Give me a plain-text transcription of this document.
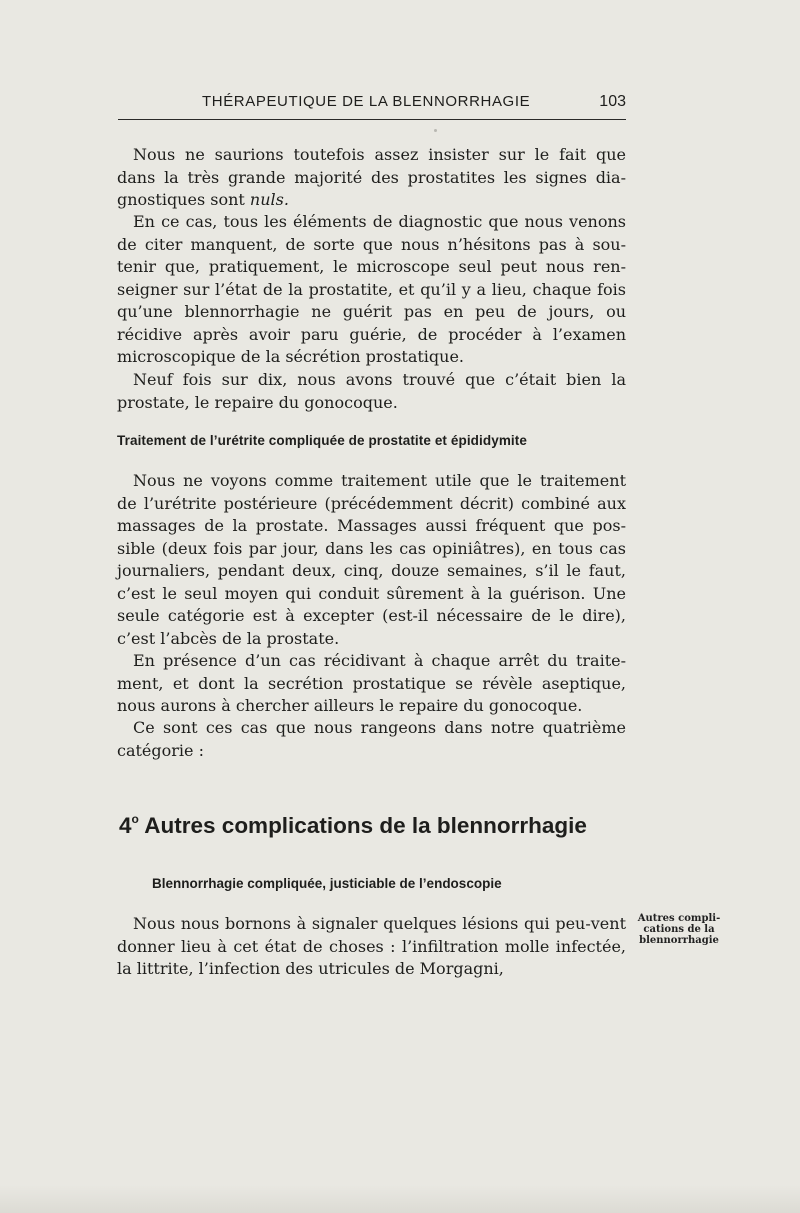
THÉRAPEUTIQUE DE LA BLENNORRHAGIE	103

Nous ne saurions toutefois assez insister sur le fait que dans la très grande majorité des prostatites les signes dia-gnostiques sont nuls.

En ce cas, tous les éléments de diagnostic que nous venons de citer manquent, de sorte que nous n’hésitons pas à sou-tenir que, pratiquement, le microscope seul peut nous ren-seigner sur l’état de la prostatite, et qu’il y a lieu, chaque fois qu’une blennorrhagie ne guérit pas en peu de jours, ou récidive après avoir paru guérie, de procéder à l’examen microscopique de la sécrétion prostatique.

Neuf fois sur dix, nous avons trouvé que c’était bien la prostate, le repaire du gonocoque.

Traitement de l’urétrite compliquée de prostatite et épididymite

Nous ne voyons comme traitement utile que le traitement de l’urétrite postérieure (précédemment décrit) combiné aux massages de la prostate. Massages aussi fréquent que pos-sible (deux fois par jour, dans les cas opiniâtres), en tous cas journaliers, pendant deux, cinq, douze semaines, s’il le faut, c’est le seul moyen qui conduit sûrement à la guérison. Une seule catégorie est à excepter (est-il nécessaire de le dire), c’est l’abcès de la prostate.

En présence d’un cas récidivant à chaque arrêt du traite-ment, et dont la secrétion prostatique se révèle aseptique, nous aurons à chercher ailleurs le repaire du gonocoque.

Ce sont ces cas que nous rangeons dans notre quatrième catégorie :

4$^o$ Autres complications de la blennorrhagie
Blennorrhagie compliquée, justiciable de l’endoscopie

Nous nous bornons à signaler quelques lésions qui peu-vent donner lieu à cet état de choses : l’infiltration molle infectée, la littrite, l’infection des utricules de Morgagni,

Autres compli-cations de la blennorrhagie
